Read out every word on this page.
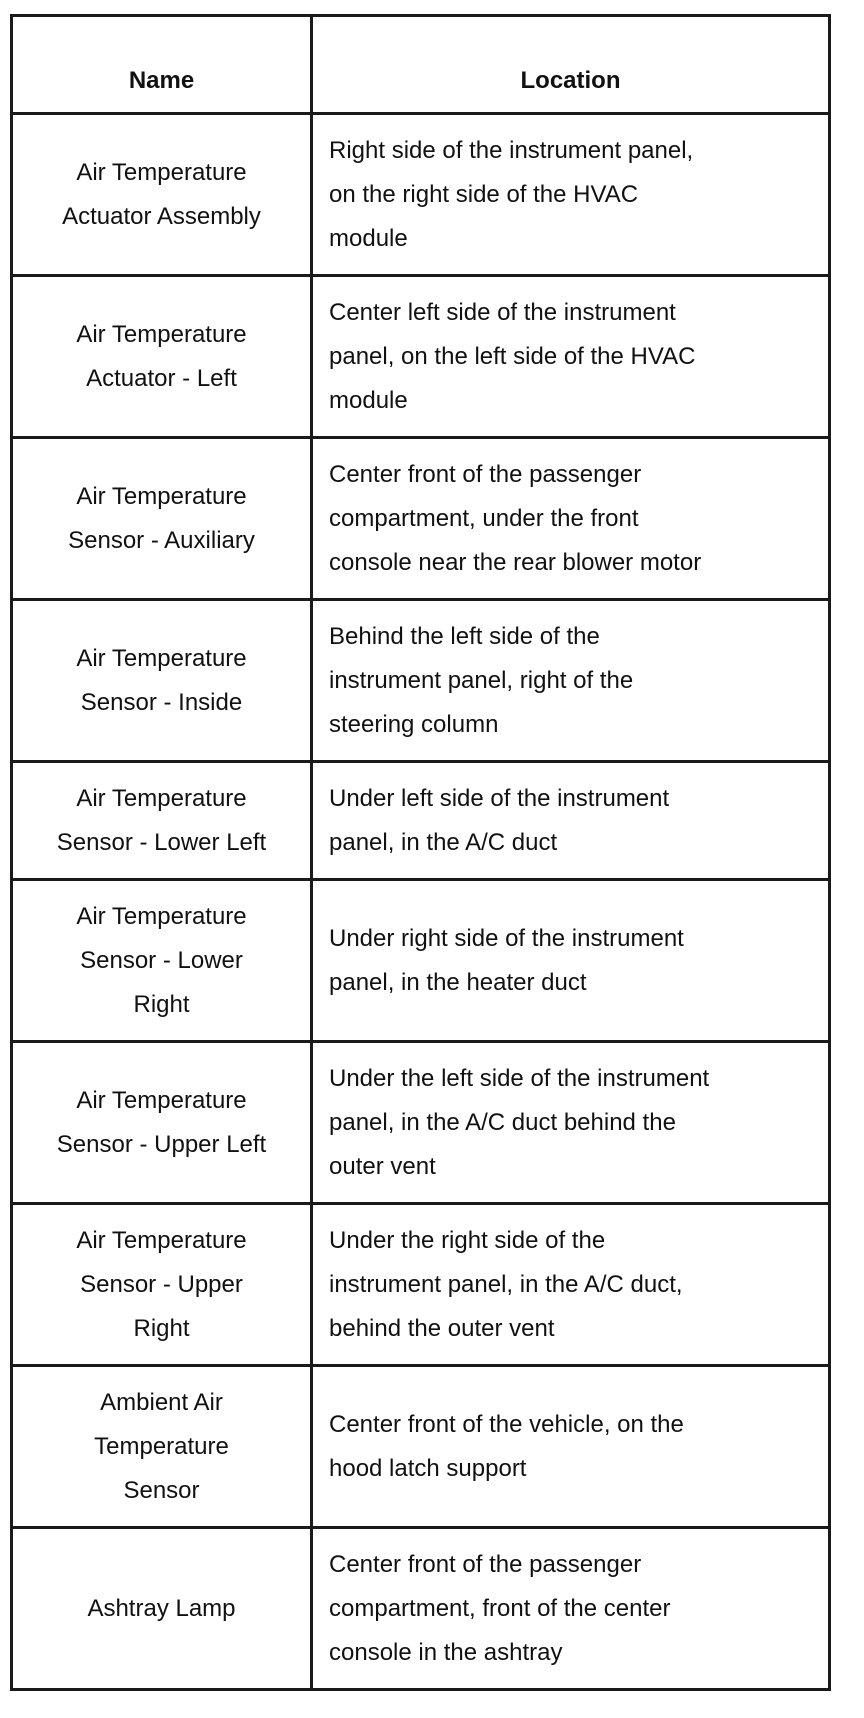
Name	Location

Air Temperature
Actuator Assembly	Right side of the instrument panel,
on the right side of the HVAC
module

Air Temperature
Actuator - Left	Center left side of the instrument
panel, on the left side of the HVAC
module

Air Temperature
Sensor - Auxiliary	Center front of the passenger
compartment, under the front
console near the rear blower motor

Air Temperature
Sensor - Inside	Behind the left side of the
instrument panel, right of the
steering column

Air Temperature
Sensor - Lower Left	Under left side of the instrument
panel, in the A/C duct

Air Temperature
Sensor - Lower
Right	Under right side of the instrument
panel, in the heater duct

Air Temperature
Sensor - Upper Left	Under the left side of the instrument
panel, in the A/C duct behind the
outer vent

Air Temperature
Sensor - Upper
Right	Under the right side of the
instrument panel, in the A/C duct,
behind the outer vent

Ambient Air
Temperature
Sensor	Center front of the vehicle, on the
hood latch support

Ashtray Lamp	Center front of the passenger
compartment, front of the center
console in the ashtray
